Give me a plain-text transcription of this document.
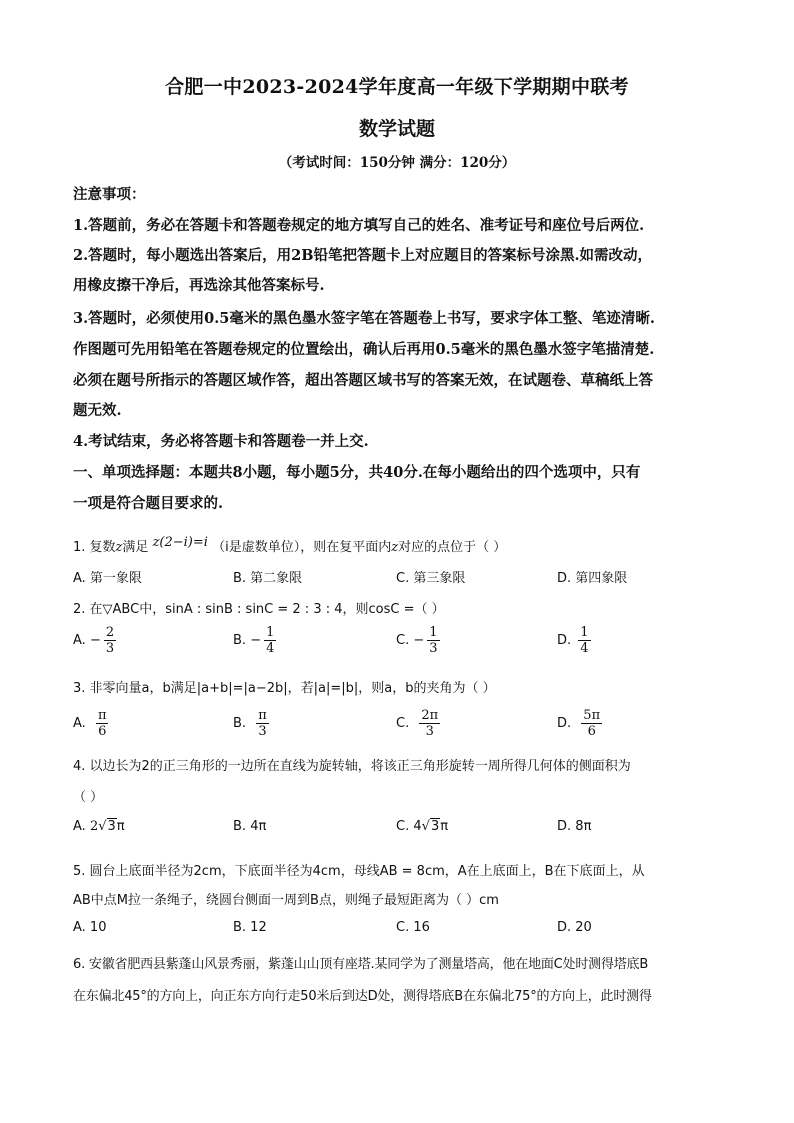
合肥一中2023-2024学年度高一年级下学期期中联考
数学试题
（考试时间：150分钟 满分：120分）
注意事项：
1.答题前，务必在答题卡和答题卷规定的地方填写自己的姓名、准考证号和座位号后两位.
2.答题时，每小题选出答案后，用2B铅笔把答题卡上对应题目的答案标号涂黑.如需改动，
用橡皮擦干净后，再选涂其他答案标号.
3.答题时，必须使用0.5毫米的黑色墨水签字笔在答题卷上书写，要求字体工整、笔迹清晰.
作图题可先用铅笔在答题卷规定的位置绘出，确认后再用0.5毫米的黑色墨水签字笔描清楚.
必须在题号所指示的答题区域作答，超出答题区域书写的答案无效，在试题卷、草稿纸上答
题无效.
4.考试结束，务必将答题卡和答题卷一并上交.
一、单项选择题：本题共8小题，每小题5分，共40分.在每小题给出的四个选项中，只有
一项是符合题目要求的.
1. 复数z满足 z(2−i)=i （i是虚数单位），则在复平面内z对应的点位于（ ）
A. 第一象限	B. 第二象限	C. 第三象限	D. 第四象限
2. 在▽ABC中，sinA : sinB : sinC = 2 : 3 : 4，则cosC =（ ）
A. − $\frac{2}{3}$	B. − $\frac{1}{4}$	C. − $\frac{1}{3}$	D. $\frac{1}{4}$
3. 非零向量a，b满足|a+b|=|a−2b|，若|a|=|b|，则a，b的夹角为（ ）
A. $\frac{\pi}{6}$	B. $\frac{\pi}{3}$	C. $\frac{2\pi}{3}$	D. $\frac{5\pi}{6}$
4. 以边长为2的正三角形的一边所在直线为旋转轴，将该正三角形旋转一周所得几何体的侧面积为
（ ）
A. 2√3π	B. 4π	C. 4√3π	D. 8π
5. 圆台上底面半径为2cm，下底面半径为4cm，母线AB = 8cm，A在上底面上，B在下底面上，从
AB中点M拉一条绳子，绕圆台侧面一周到B点，则绳子最短距离为（ ）cm
A. 10	B. 12	C. 16	D. 20
6. 安徽省肥西县紫蓬山风景秀丽，紫蓬山山顶有座塔.某同学为了测量塔高，他在地面C处时测得塔底B
在东偏北45°的方向上，向正东方向行走50米后到达D处，测得塔底B在东偏北75°的方向上，此时测得
